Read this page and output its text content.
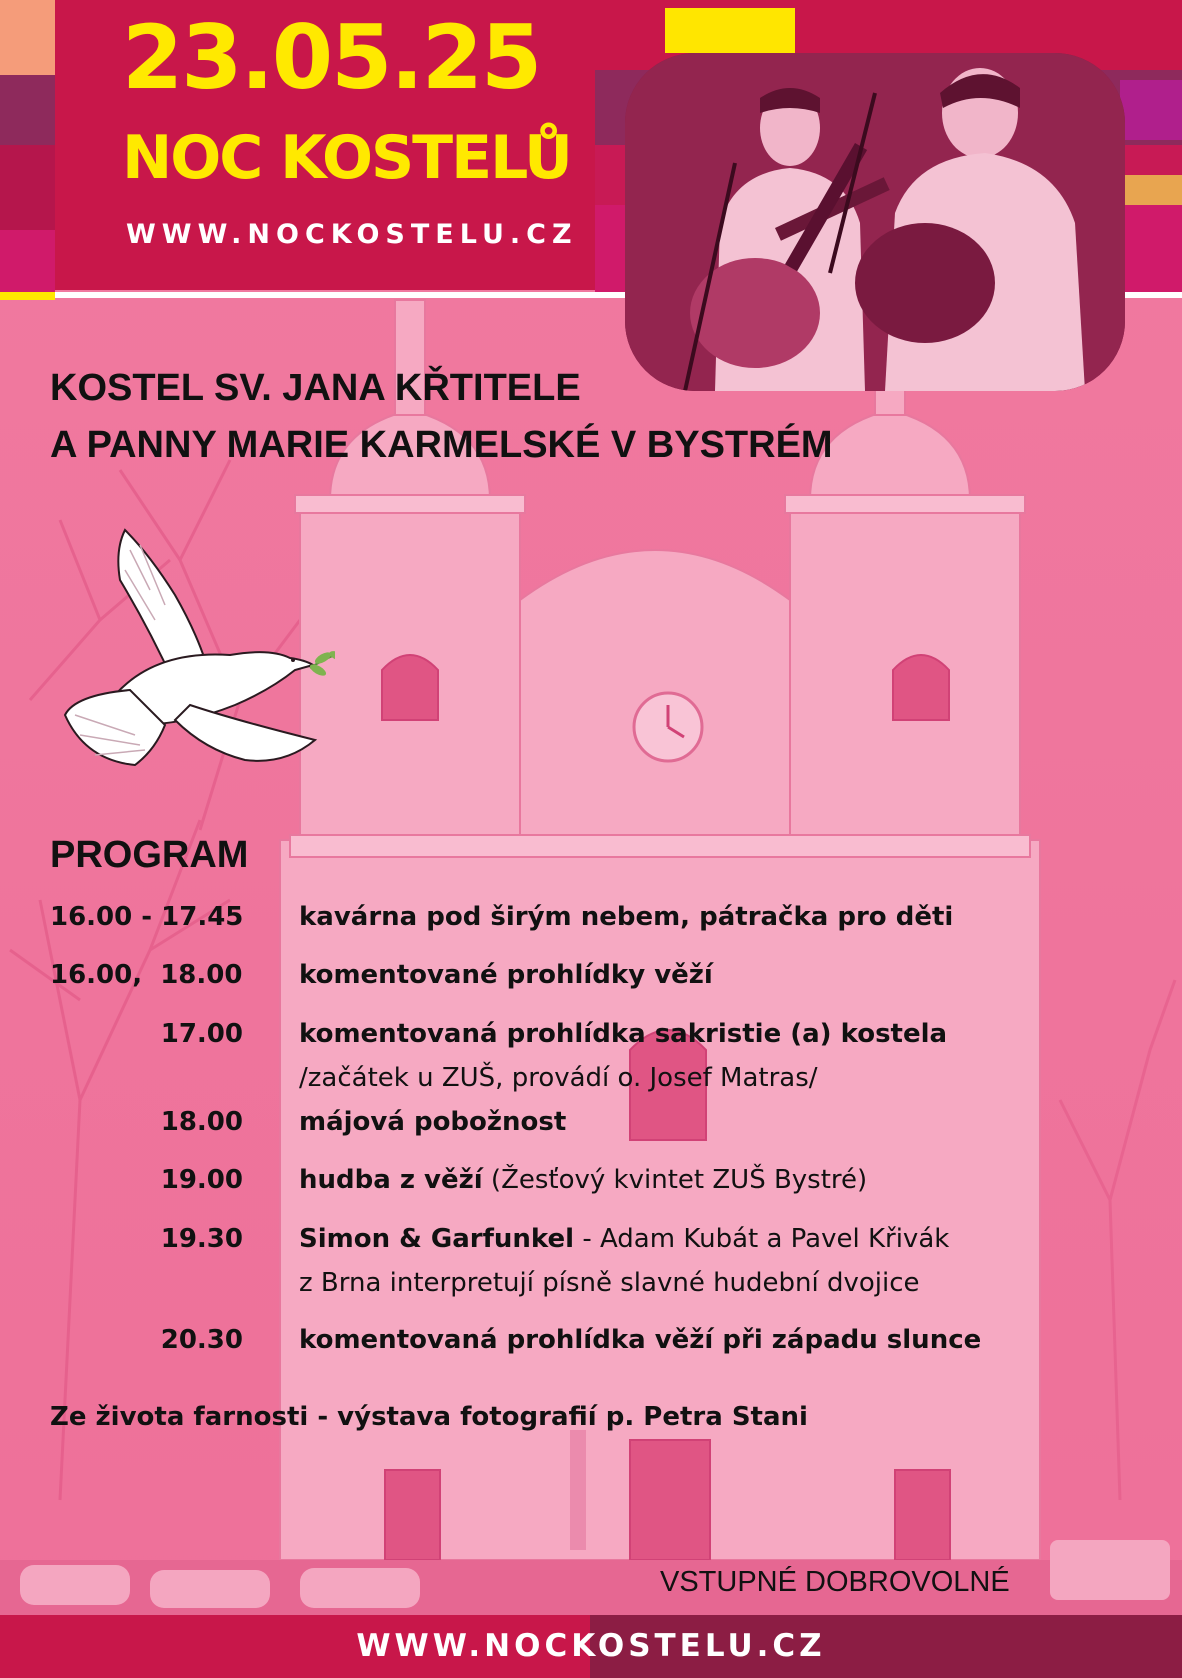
23.05.25
NOC KOSTELŮ
WWW.NOCKOSTELU.CZ
KOSTEL SV. JANA KŘTITELE
A PANNY MARIE KARMELSKÉ V BYSTRÉM
PROGRAM
16.00 - 17.45 kavárna pod širým nebem, pátračka pro děti
16.00,  18.00 komentované prohlídky věží
17.00 komentovaná prohlídka sakristie (a) kostela
/začátek u ZUŠ, provádí o. Josef Matras/
18.00 májová pobožnost
19.00 hudba z věží (Žesťový kvintet ZUŠ Bystré)
19.30 Simon & Garfunkel - Adam Kubát a Pavel Křivák
z Brna interpretují písně slavné hudební dvojice
20.30 komentovaná prohlídka věží při západu slunce
Ze života farnosti - výstava fotografií p. Petra Stani
VSTUPNÉ DOBROVOLNÉ
WWW.NOCKOSTELU.CZ
